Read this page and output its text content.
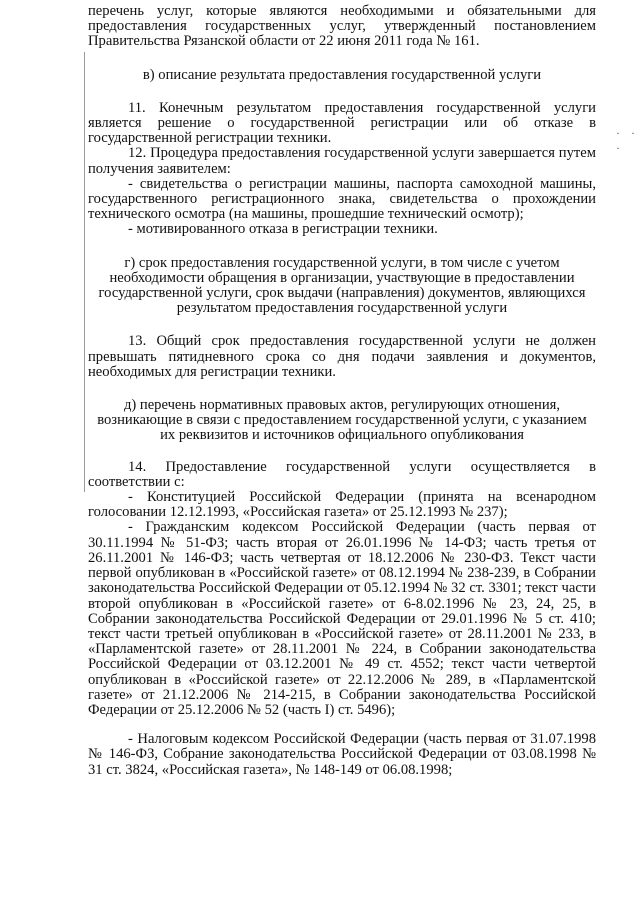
· · ·

перечень услуг, которые являются необходимыми и обязательными для предоставления государственных услуг, утвержденный постановлением Правительства Рязанской области от 22 июня 2011 года № 161.

в) описание результата предоставления государственной услуги

11. Конечным результатом предоставления государственной услуги является решение о государственной регистрации или об отказе в государственной регистрации техники.

12. Процедура предоставления государственной услуги завершается путем получения заявителем:

- свидетельства о регистрации машины, паспорта самоходной машины, государственного регистрационного знака, свидетельства о прохождении технического осмотра (на машины, прошедшие технический осмотр);

- мотивированного отказа в регистрации техники.

г) срок предоставления государственной услуги, в том числе с учетом необходимости обращения в организации, участвующие в предоставлении государственной услуги, срок выдачи (направления) документов, являющихся результатом предоставления государственной услуги

13. Общий срок предоставления государственной услуги не должен превышать пятидневного срока со дня подачи заявления и документов, необходимых для регистрации техники.

д) перечень нормативных правовых актов, регулирующих отношения, возникающие в связи с предоставлением государственной услуги, с указанием их реквизитов и источников официального опубликования

14. Предоставление государственной услуги осуществляется в соответствии с:

- Конституцией Российской Федерации (принята на всенародном голосовании 12.12.1993, «Российская газета» от 25.12.1993 № 237);

- Гражданским кодексом Российской Федерации (часть первая от 30.11.1994 № 51-ФЗ; часть вторая от 26.01.1996 № 14-ФЗ; часть третья от 26.11.2001 № 146-ФЗ; часть четвертая от 18.12.2006 № 230-ФЗ. Текст части первой опубликован в «Российской газете» от 08.12.1994 № 238-239, в Собрании законодательства Российской Федерации от 05.12.1994 № 32 ст. 3301; текст части второй опубликован в «Российской газете» от 6-8.02.1996 № 23, 24, 25, в Собрании законодательства Российской Федерации от 29.01.1996 № 5 ст. 410; текст части третьей опубликован в «Российской газете» от 28.11.2001 № 233, в «Парламентской газете» от 28.11.2001 № 224, в Собрании законодательства Российской Федерации от 03.12.2001 № 49 ст. 4552; текст части четвертой опубликован в «Российской газете» от 22.12.2006 № 289, в «Парламентской газете» от 21.12.2006 № 214-215, в Собрании законодательства Российской Федерации от 25.12.2006 № 52 (часть I) ст. 5496);

- Налоговым кодексом Российской Федерации (часть первая от 31.07.1998 № 146-ФЗ, Собрание законодательства Российской Федерации от 03.08.1998 № 31 ст. 3824, «Российская газета», № 148-149 от 06.08.1998;
